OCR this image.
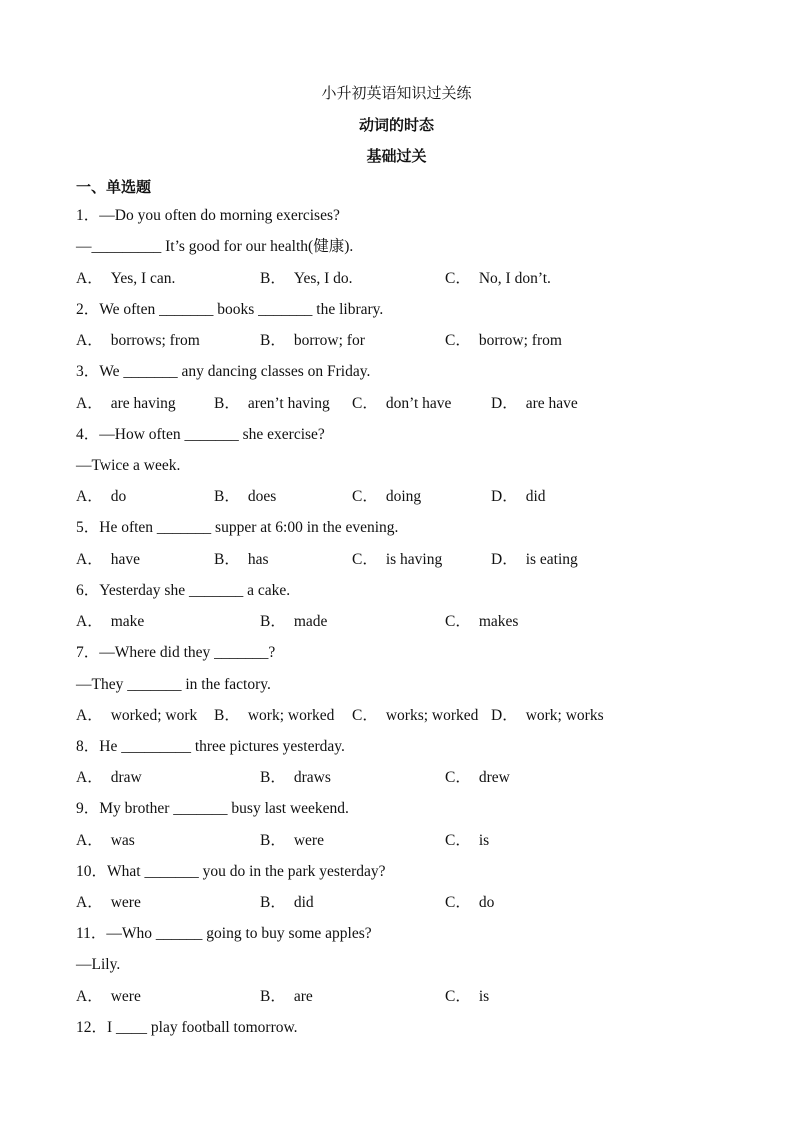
小升初英语知识过关练
动词的时态
基础过关
一、单选题
1．—Do you often do morning exercises?
—_________ It’s good for our health(健康).
A． Yes, I can.	B． Yes, I do.	C． No, I don’t.
2．We often _______ books _______ the library.
A． borrows; from	B． borrow; for	C． borrow; from
3．We _______ any dancing classes on Friday.
A． are having B． aren’t having C． don’t have	D． are have
4．—How often _______ she exercise?
—Twice a week.
A． do	B． does	C． doing	D． did
5．He often _______ supper at 6:00 in the evening.
A． have	B． has	C． is having	D． is eating
6．Yesterday she _______ a cake.
A． make	B． made	C． makes
7．—Where did they _______?
—They _______ in the factory.
A． worked; work B． work; worked C． works; worked D． work; works
8．He _________ three pictures yesterday.
A． draw	B． draws	C． drew
9．My brother _______ busy last weekend.
A． was	B． were	C． is
10．What _______ you do in the park yesterday?
A． were	B． did	C． do
11．—Who ______ going to buy some apples?
—Lily.
A． were	B． are	C． is
12．I ____ play football tomorrow.
